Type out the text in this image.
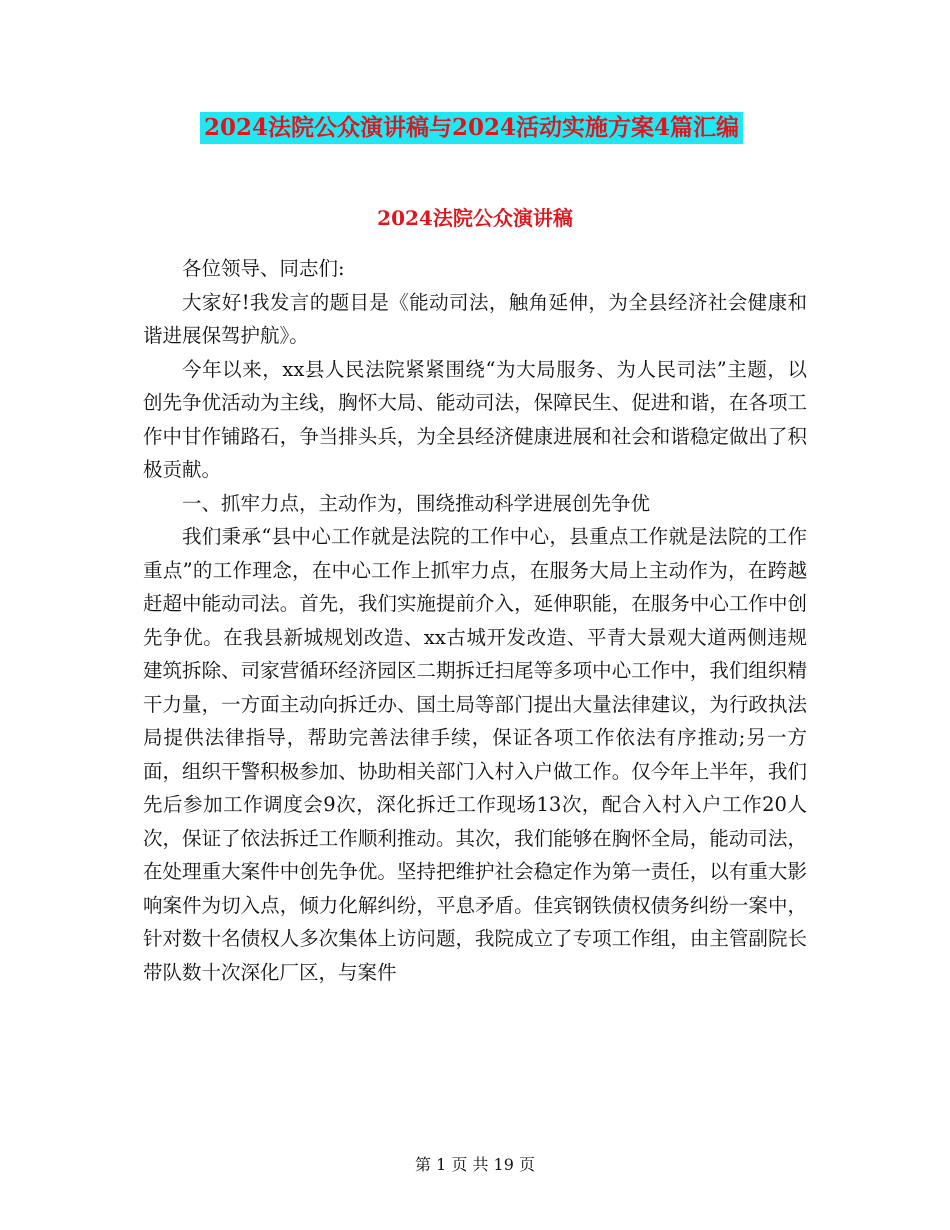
2024法院公众演讲稿与2024活动实施方案4篇汇编
2024法院公众演讲稿

各位领导、同志们:

大家好!我发言的题目是《能动司法，触角延伸，为全县经济社会健康和谐进展保驾护航》。

今年以来，xx县人民法院紧紧围绕“为大局服务、为人民司法”主题，以创先争优活动为主线，胸怀大局、能动司法，保障民生、促进和谐，在各项工作中甘作铺路石，争当排头兵，为全县经济健康进展和社会和谐稳定做出了积极贡献。

一、抓牢力点，主动作为，围绕推动科学进展创先争优

我们秉承“县中心工作就是法院的工作中心，县重点工作就是法院的工作重点”的工作理念，在中心工作上抓牢力点，在服务大局上主动作为，在跨越赶超中能动司法。首先，我们实施提前介入，延伸职能，在服务中心工作中创先争优。在我县新城规划改造、xx古城开发改造、平青大景观大道两侧违规建筑拆除、司家营循环经济园区二期拆迁扫尾等多项中心工作中，我们组织精干力量，一方面主动向拆迁办、国土局等部门提出大量法律建议，为行政执法局提供法律指导，帮助完善法律手续，保证各项工作依法有序推动;另一方面，组织干警积极参加、协助相关部门入村入户做工作。仅今年上半年，我们先后参加工作调度会9次，深化拆迁工作现场13次，配合入村入户工作20人次，保证了依法拆迁工作顺利推动。其次，我们能够在胸怀全局，能动司法，在处理重大案件中创先争优。坚持把维护社会稳定作为第一责任，以有重大影响案件为切入点，倾力化解纠纷，平息矛盾。佳宾钢铁债权债务纠纷一案中，针对数十名债权人多次集体上访问题，我院成立了专项工作组，由主管副院长带队数十次深化厂区，与案件

第 1 页 共 19 页
